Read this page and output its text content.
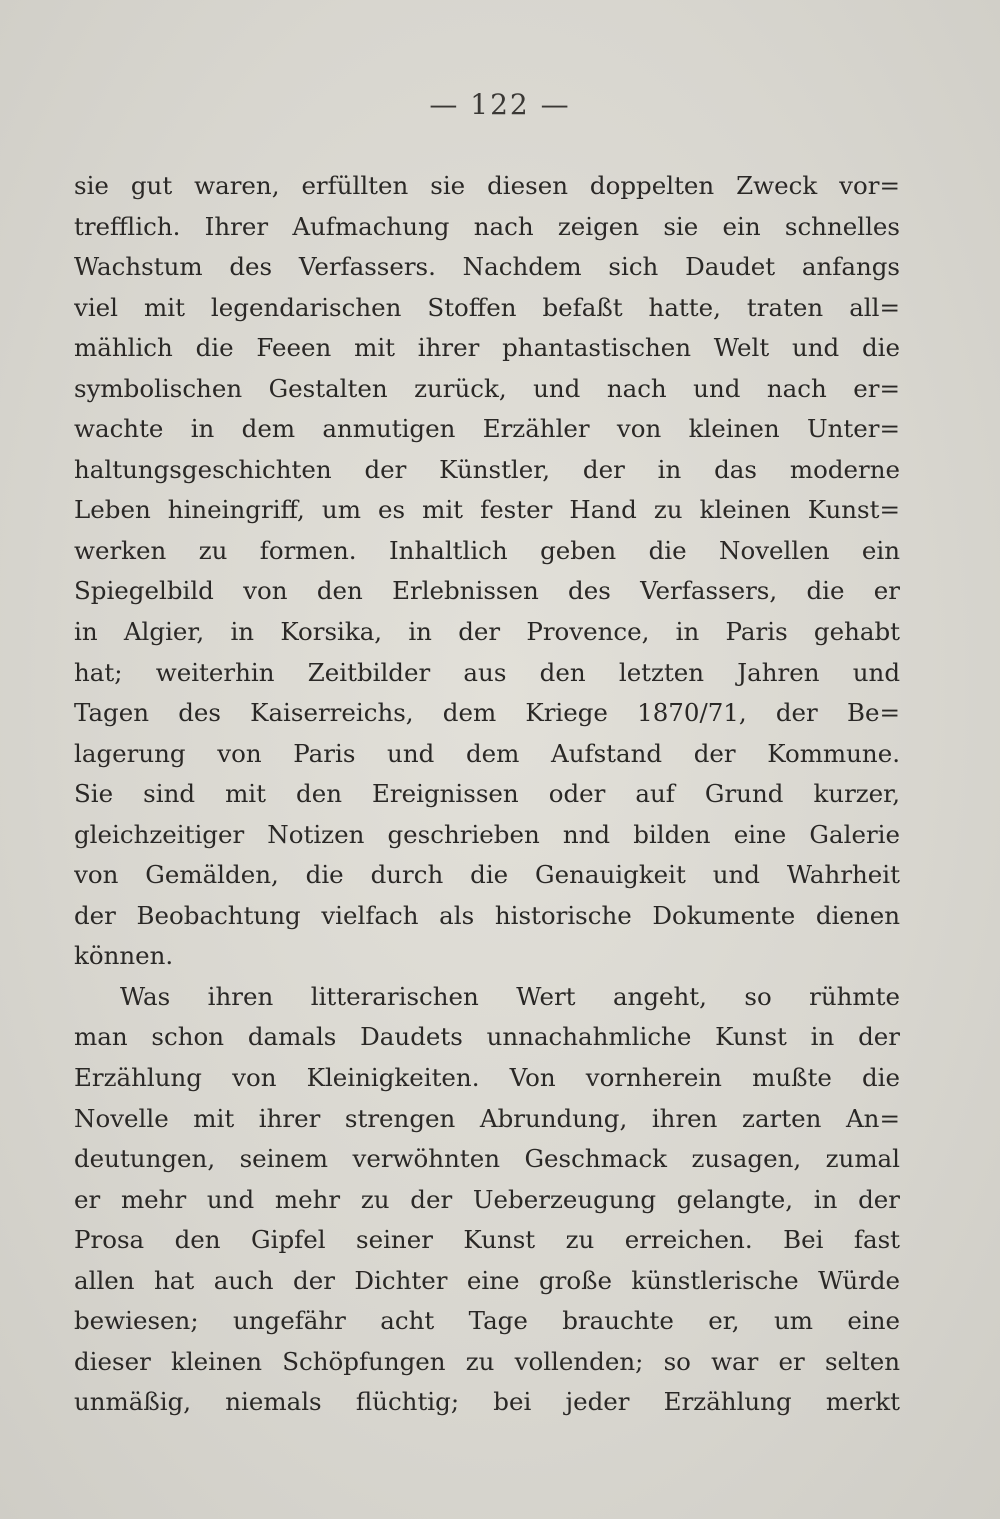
— 122 —
sie gut waren, erfüllten sie diesen doppelten Zweck vor=
trefflich. Ihrer Aufmachung nach zeigen sie ein schnelles
Wachstum des Verfassers. Nachdem sich Daudet anfangs
viel mit legendarischen Stoffen befaßt hatte, traten all=
mählich die Feeen mit ihrer phantastischen Welt und die
symbolischen Gestalten zurück, und nach und nach er=
wachte in dem anmutigen Erzähler von kleinen Unter=
haltungsgeschichten der Künstler, der in das moderne
Leben hineingriff, um es mit fester Hand zu kleinen Kunst=
werken zu formen. Inhaltlich geben die Novellen ein
Spiegelbild von den Erlebnissen des Verfassers, die er
in Algier, in Korsika, in der Provence, in Paris gehabt
hat; weiterhin Zeitbilder aus den letzten Jahren und
Tagen des Kaiserreichs, dem Kriege 1870/71, der Be=
lagerung von Paris und dem Aufstand der Kommune.
Sie sind mit den Ereignissen oder auf Grund kurzer,
gleichzeitiger Notizen geschrieben nnd bilden eine Galerie
von Gemälden, die durch die Genauigkeit und Wahrheit
der Beobachtung vielfach als historische Dokumente dienen
können.
Was ihren litterarischen Wert angeht, so rühmte
man schon damals Daudets unnachahmliche Kunst in der
Erzählung von Kleinigkeiten. Von vornherein mußte die
Novelle mit ihrer strengen Abrundung, ihren zarten An=
deutungen, seinem verwöhnten Geschmack zusagen, zumal
er mehr und mehr zu der Ueberzeugung gelangte, in der
Prosa den Gipfel seiner Kunst zu erreichen. Bei fast
allen hat auch der Dichter eine große künstlerische Würde
bewiesen; ungefähr acht Tage brauchte er, um eine
dieser kleinen Schöpfungen zu vollenden; so war er selten
unmäßig, niemals flüchtig; bei jeder Erzählung merkt
